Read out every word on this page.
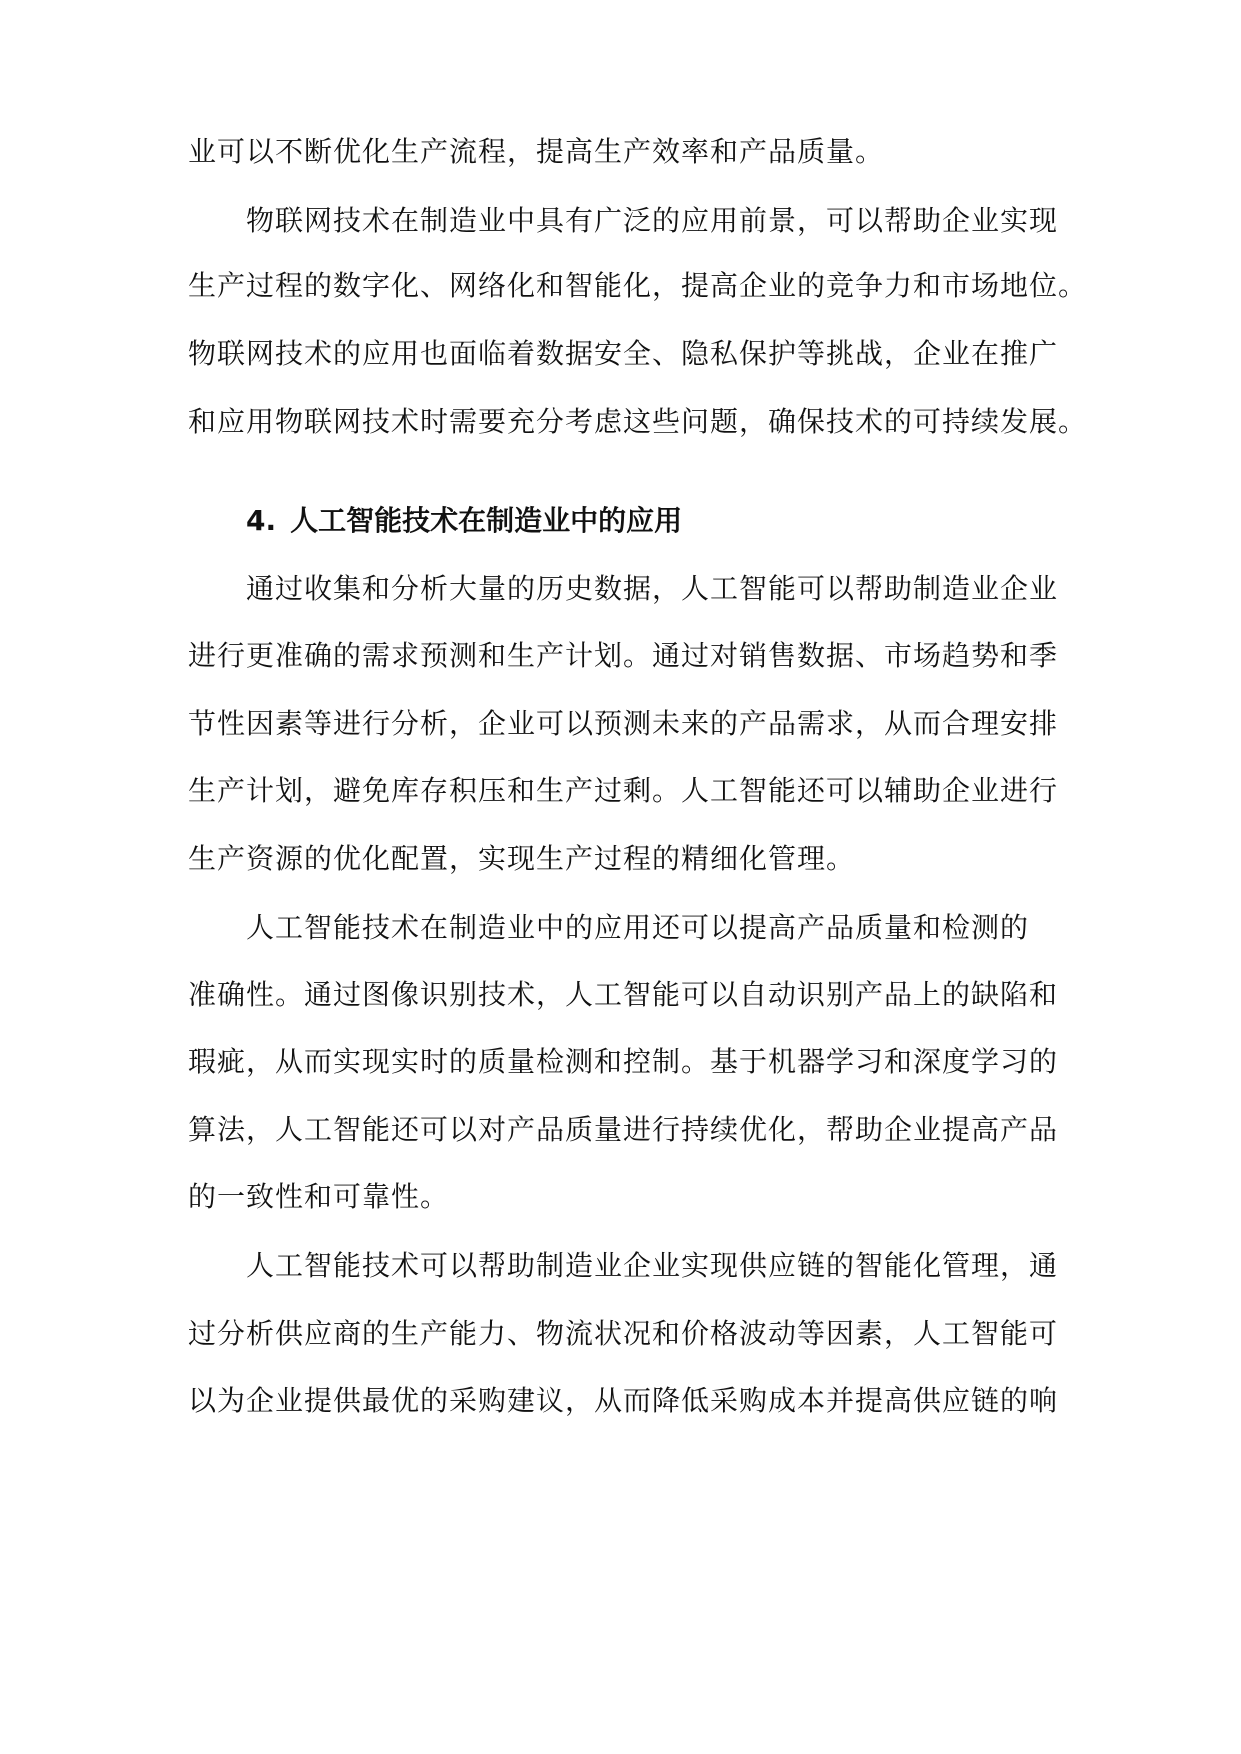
业可以不断优化生产流程，提高生产效率和产品质量。
物联网技术在制造业中具有广泛的应用前景，可以帮助企业实现
生产过程的数字化、网络化和智能化，提高企业的竞争力和市场地位。
物联网技术的应用也面临着数据安全、隐私保护等挑战，企业在推广
和应用物联网技术时需要充分考虑这些问题，确保技术的可持续发展。
4. 人工智能技术在制造业中的应用
通过收集和分析大量的历史数据，人工智能可以帮助制造业企业
进行更准确的需求预测和生产计划。通过对销售数据、市场趋势和季
节性因素等进行分析，企业可以预测未来的产品需求，从而合理安排
生产计划，避免库存积压和生产过剩。人工智能还可以辅助企业进行
生产资源的优化配置，实现生产过程的精细化管理。
人工智能技术在制造业中的应用还可以提高产品质量和检测的
准确性。通过图像识别技术，人工智能可以自动识别产品上的缺陷和
瑕疵，从而实现实时的质量检测和控制。基于机器学习和深度学习的
算法，人工智能还可以对产品质量进行持续优化，帮助企业提高产品
的一致性和可靠性。
人工智能技术可以帮助制造业企业实现供应链的智能化管理，通
过分析供应商的生产能力、物流状况和价格波动等因素，人工智能可
以为企业提供最优的采购建议，从而降低采购成本并提高供应链的响
